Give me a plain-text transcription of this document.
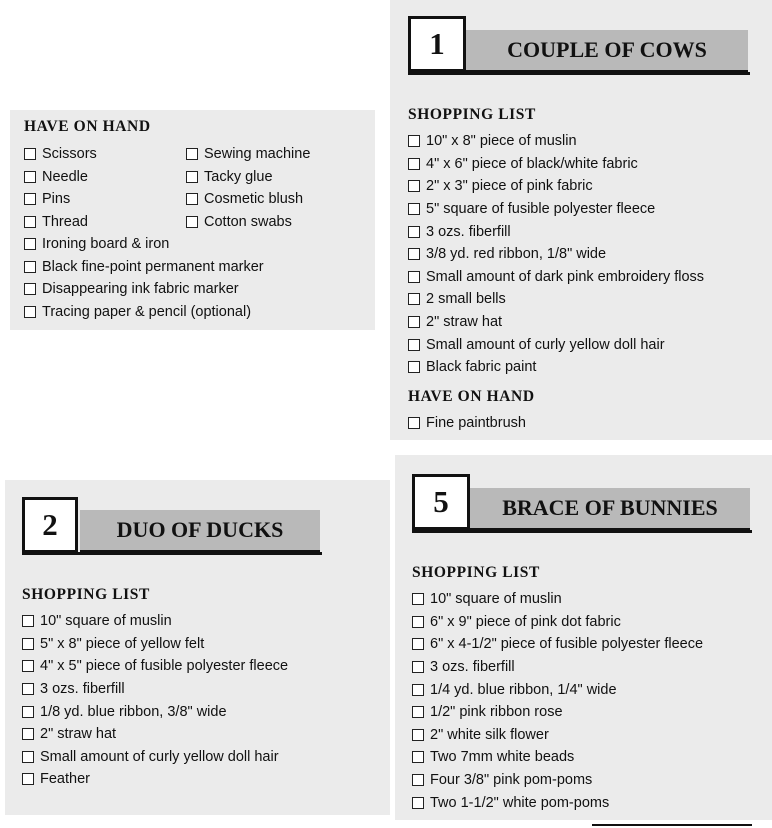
HAVE ON HAND
Scissors
Needle
Pins
Thread
Sewing machine
Tacky glue
Cosmetic blush
Cotton swabs
Ironing board & iron
Black fine-point permanent marker
Disappearing ink fabric marker
Tracing paper & pencil (optional)
COUPLE OF COWS
1
SHOPPING LIST
10" x 8" piece of muslin
4" x 6" piece of black/white fabric
2" x 3" piece of pink fabric
5" square of fusible polyester fleece
3 ozs. fiberfill
3/8 yd. red ribbon, 1/8" wide
Small amount of dark pink embroidery floss
2 small bells
2" straw hat
Small amount of curly yellow doll hair
Black fabric paint
HAVE ON HAND
Fine paintbrush
DUO OF DUCKS
2
SHOPPING LIST
10" square of muslin
5" x 8" piece of yellow felt
4" x 5" piece of fusible polyester fleece
3 ozs. fiberfill
1/8 yd. blue ribbon, 3/8" wide
2" straw hat
Small amount of curly yellow doll hair
Feather
BRACE OF BUNNIES
5
SHOPPING LIST
10" square of muslin
6" x 9" piece of pink dot fabric
6" x 4-1/2" piece of fusible polyester fleece
3 ozs. fiberfill
1/4 yd. blue ribbon, 1/4" wide
1/2" pink ribbon rose
2" white silk flower
Two 7mm white beads
Four 3/8" pink pom-poms
Two 1-1/2" white pom-poms
